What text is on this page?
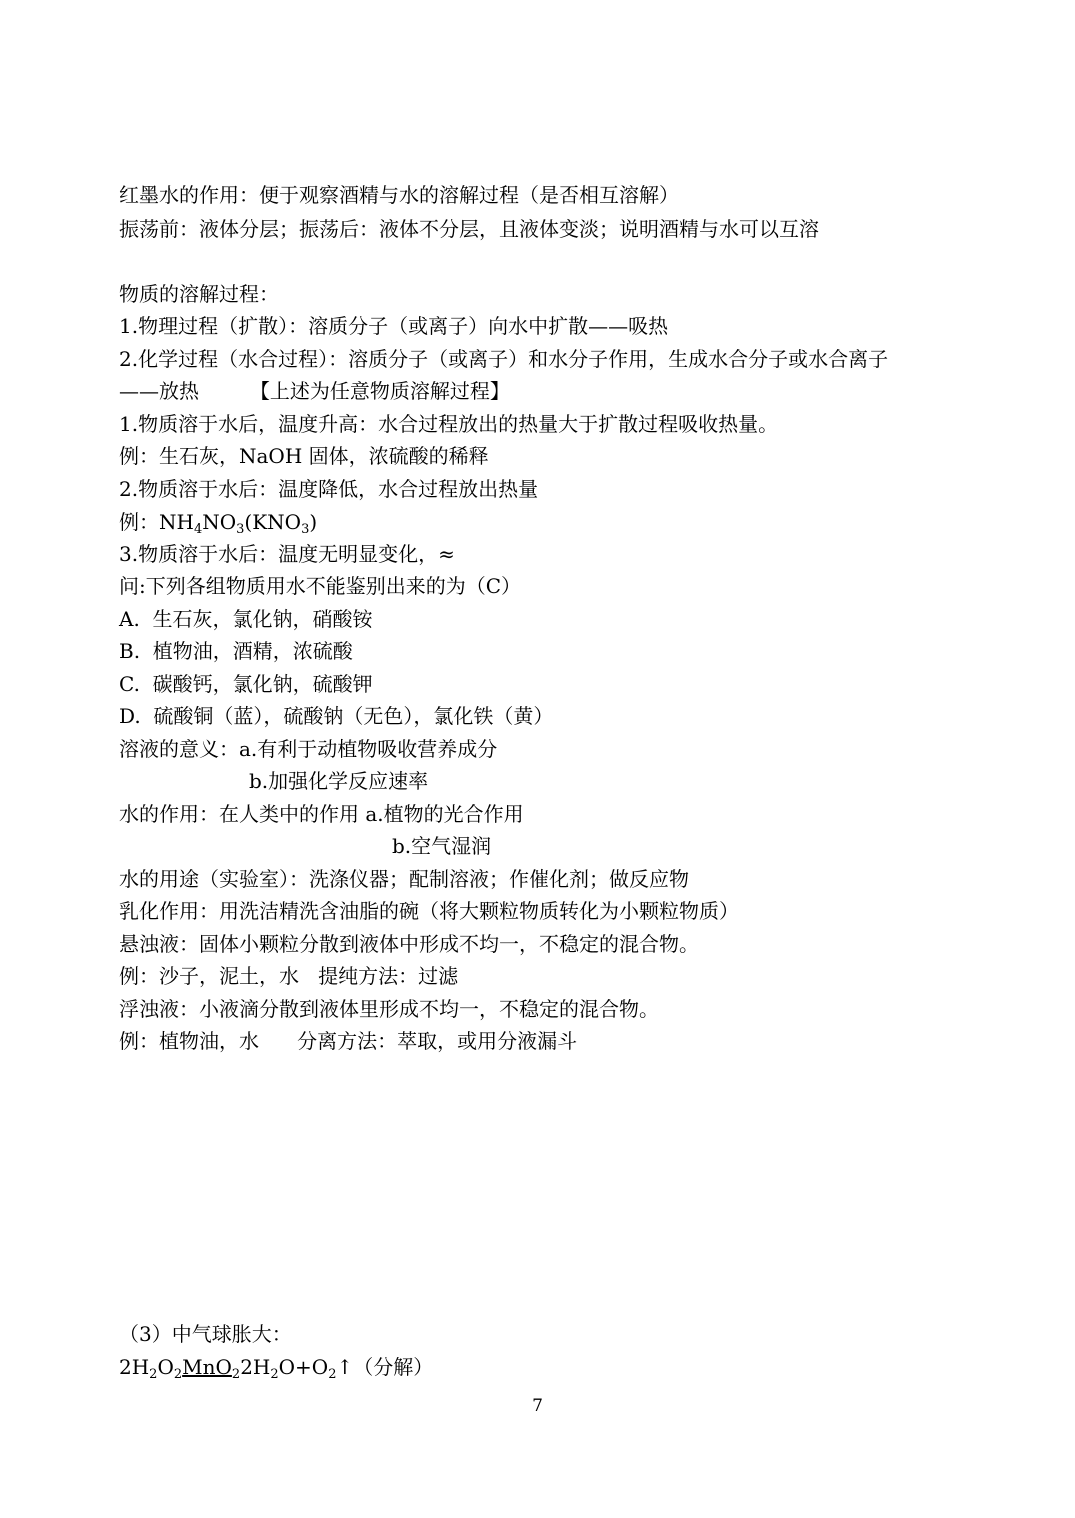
红墨水的作用：便于观察酒精与水的溶解过程（是否相互溶解）
振荡前：液体分层；振荡后：液体不分层，且液体变淡；说明酒精与水可以互溶
物质的溶解过程：
1.物理过程（扩散）：溶质分子（或离子）向水中扩散——吸热
2.化学过程（水合过程）：溶质分子（或离子）和水分子作用，生成水合分子或水合离子
——放热        【上述为任意物质溶解过程】
1.物质溶于水后，温度升高：水合过程放出的热量大于扩散过程吸收热量。
例：生石灰，NaOH 固体，浓硫酸的稀释
2.物质溶于水后：温度降低，水合过程放出热量
例：$NH_4NO_3(KNO_3)$
3.物质溶于水后：温度无明显变化，≈
问:下列各组物质用水不能鉴别出来的为（C）
A.  生石灰，氯化钠，硝酸铵
B.  植物油，酒精，浓硫酸
C.  碳酸钙，氯化钠，硫酸钾
D.  硫酸铜（蓝），硫酸钠（无色），氯化铁（黄）
溶液的意义：a.有利于动植物吸收营养成分
b.加强化学反应速率
水的作用：在人类中的作用 a.植物的光合作用
b.空气湿润
水的用途（实验室）：洗涤仪器；配制溶液；作催化剂；做反应物
乳化作用：用洗洁精洗含油脂的碗（将大颗粒物质转化为小颗粒物质）
悬浊液：固体小颗粒分散到液体中形成不均一，不稳定的混合物。
例：沙子，泥土，水   提纯方法：过滤
浮浊液：小液滴分散到液体里形成不均一，不稳定的混合物。
例：植物油，水      分离方法：萃取，或用分液漏斗
（3）中气球胀大：
$2H_2O_2MnO_22H_2O+O_2↑$（分解）
7
